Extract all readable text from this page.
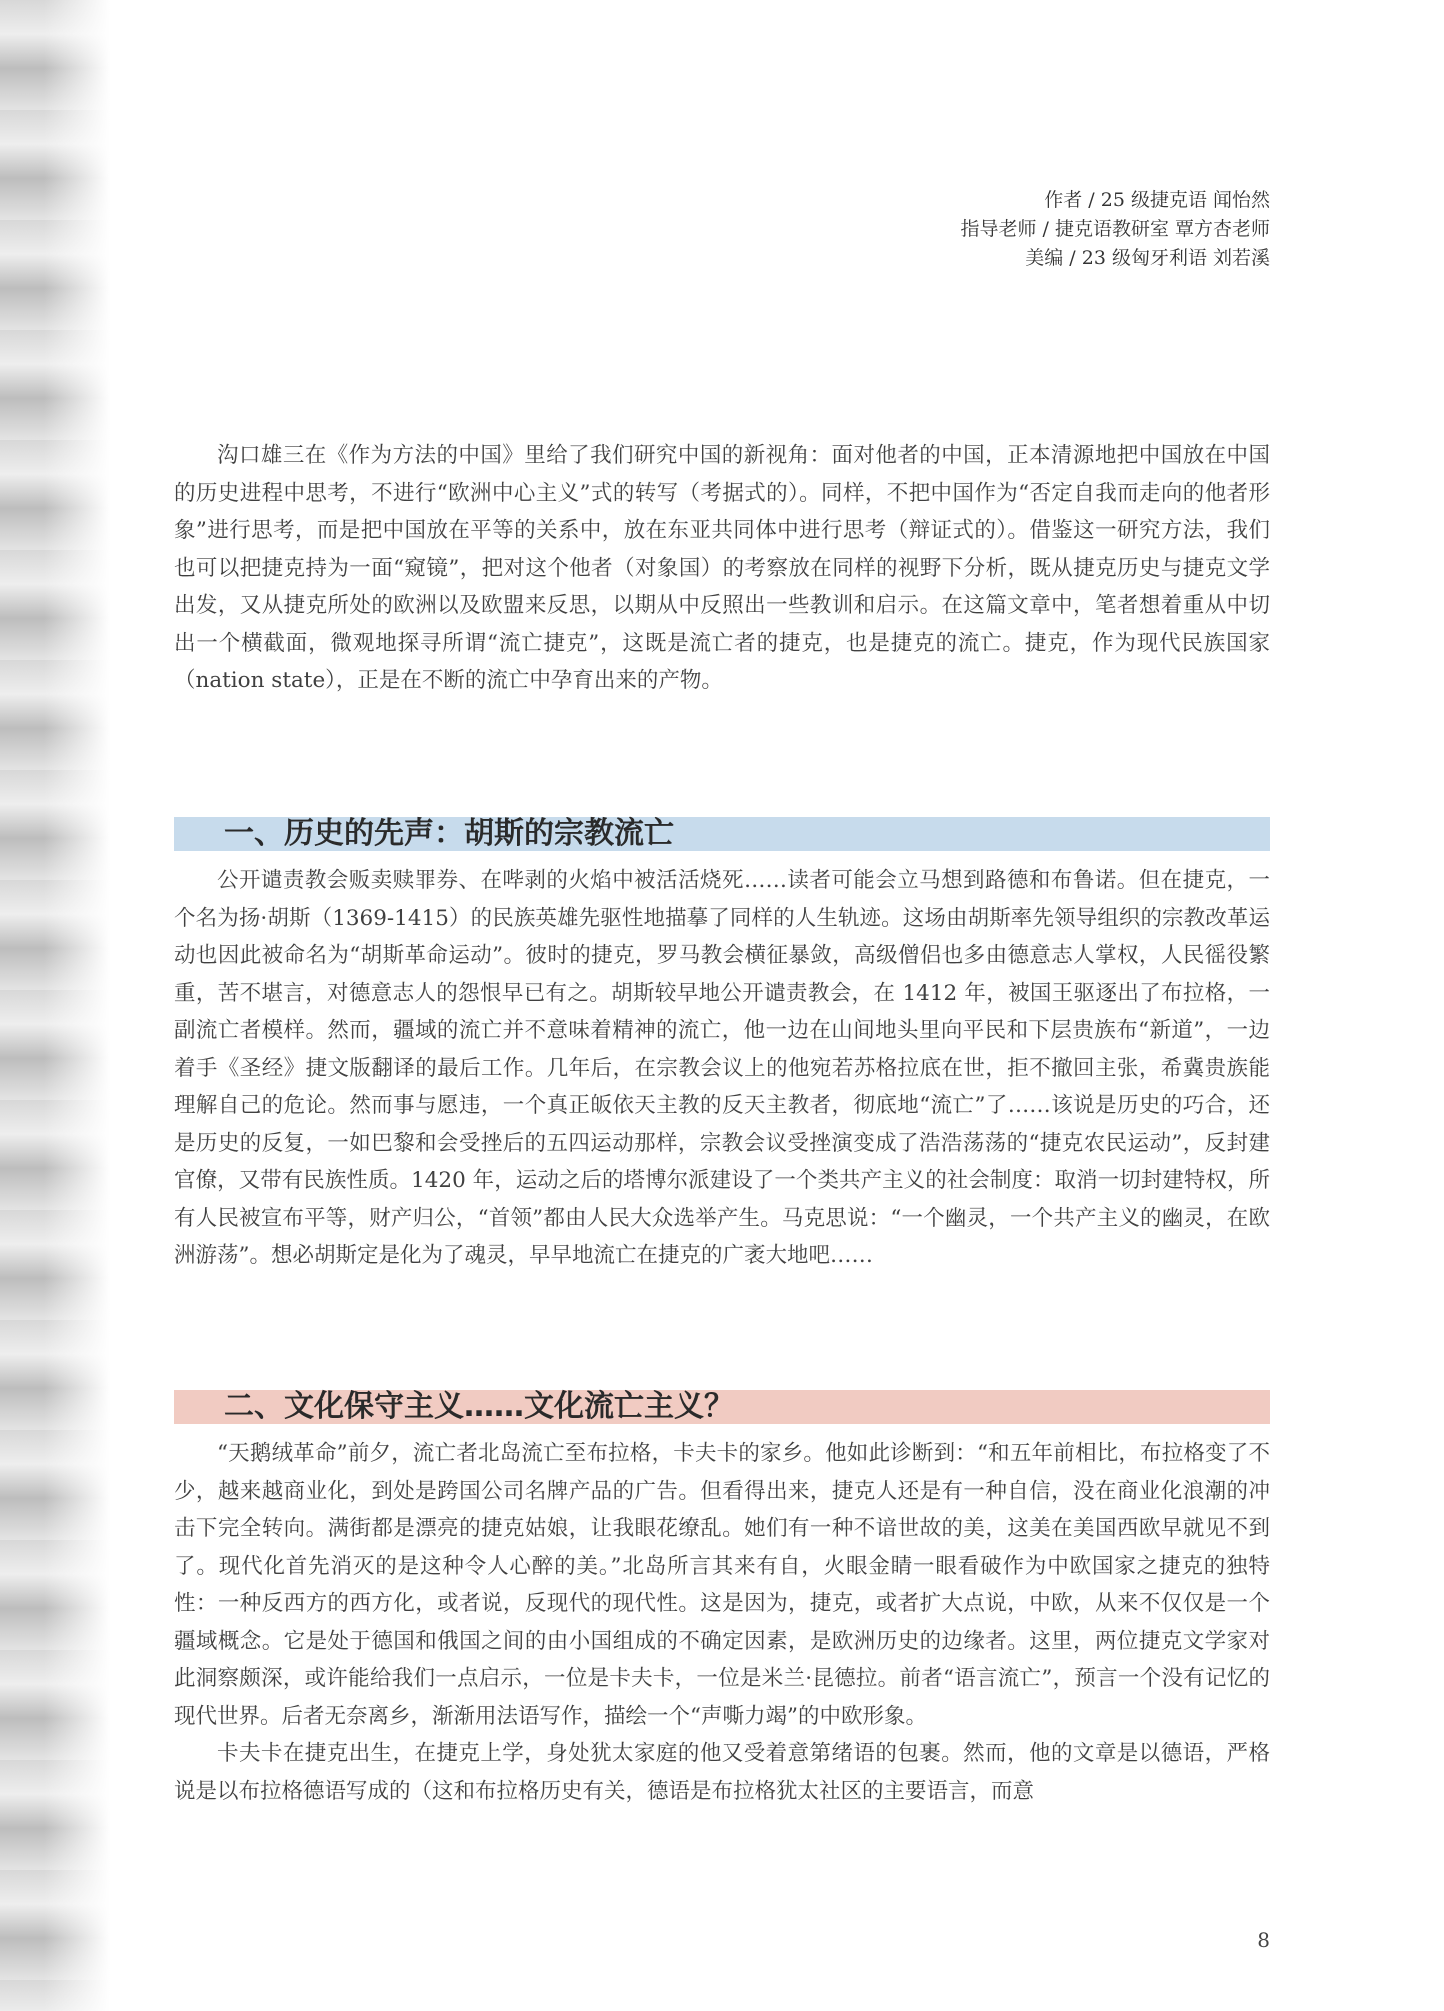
作者 / 25 级捷克语 闻怡然
指导老师 / 捷克语教研室 覃方杏老师
美编 / 23 级匈牙利语 刘若溪

沟口雄三在《作为方法的中国》里给了我们研究中国的新视角：面对他者的中国，正本清源地把中国放在中国的历史进程中思考，不进行“欧洲中心主义”式的转写（考据式的）。同样，不把中国作为“否定自我而走向的他者形象”进行思考，而是把中国放在平等的关系中，放在东亚共同体中进行思考（辩证式的）。借鉴这一研究方法，我们也可以把捷克持为一面“窥镜”，把对这个他者（对象国）的考察放在同样的视野下分析，既从捷克历史与捷克文学出发，又从捷克所处的欧洲以及欧盟来反思，以期从中反照出一些教训和启示。在这篇文章中，笔者想着重从中切出一个横截面，微观地探寻所谓“流亡捷克”，这既是流亡者的捷克，也是捷克的流亡。捷克，作为现代民族国家（nation state），正是在不断的流亡中孕育出来的产物。

一、历史的先声：胡斯的宗教流亡

公开谴责教会贩卖赎罪券、在哔剥的火焰中被活活烧死……读者可能会立马想到路德和布鲁诺。但在捷克，一个名为扬·胡斯（1369-1415）的民族英雄先驱性地描摹了同样的人生轨迹。这场由胡斯率先领导组织的宗教改革运动也因此被命名为“胡斯革命运动”。彼时的捷克，罗马教会横征暴敛，高级僧侣也多由德意志人掌权，人民徭役繁重，苦不堪言，对德意志人的怨恨早已有之。胡斯较早地公开谴责教会，在 1412 年，被国王驱逐出了布拉格，一副流亡者模样。然而，疆域的流亡并不意味着精神的流亡，他一边在山间地头里向平民和下层贵族布“新道”，一边着手《圣经》捷文版翻译的最后工作。几年后，在宗教会议上的他宛若苏格拉底在世，拒不撤回主张，希冀贵族能理解自己的危论。然而事与愿违，一个真正皈依天主教的反天主教者，彻底地“流亡”了……该说是历史的巧合，还是历史的反复，一如巴黎和会受挫后的五四运动那样，宗教会议受挫演变成了浩浩荡荡的“捷克农民运动”，反封建官僚，又带有民族性质。1420 年，运动之后的塔博尔派建设了一个类共产主义的社会制度：取消一切封建特权，所有人民被宣布平等，财产归公，“首领”都由人民大众选举产生。马克思说：“一个幽灵，一个共产主义的幽灵，在欧洲游荡”。想必胡斯定是化为了魂灵，早早地流亡在捷克的广袤大地吧……

二、文化保守主义……文化流亡主义？

“天鹅绒革命”前夕，流亡者北岛流亡至布拉格，卡夫卡的家乡。他如此诊断到：“和五年前相比，布拉格变了不少，越来越商业化，到处是跨国公司名牌产品的广告。但看得出来，捷克人还是有一种自信，没在商业化浪潮的冲击下完全转向。满街都是漂亮的捷克姑娘，让我眼花缭乱。她们有一种不谙世故的美，这美在美国西欧早就见不到了。现代化首先消灭的是这种令人心醉的美。”北岛所言其来有自，火眼金睛一眼看破作为中欧国家之捷克的独特性：一种反西方的西方化，或者说，反现代的现代性。这是因为，捷克，或者扩大点说，中欧，从来不仅仅是一个疆域概念。它是处于德国和俄国之间的由小国组成的不确定因素，是欧洲历史的边缘者。这里，两位捷克文学家对此洞察颇深，或许能给我们一点启示，一位是卡夫卡，一位是米兰·昆德拉。前者“语言流亡”，预言一个没有记忆的现代世界。后者无奈离乡，渐渐用法语写作，描绘一个“声嘶力竭”的中欧形象。

卡夫卡在捷克出生，在捷克上学，身处犹太家庭的他又受着意第绪语的包裹。然而，他的文章是以德语，严格说是以布拉格德语写成的（这和布拉格历史有关，德语是布拉格犹太社区的主要语言，而意

8
